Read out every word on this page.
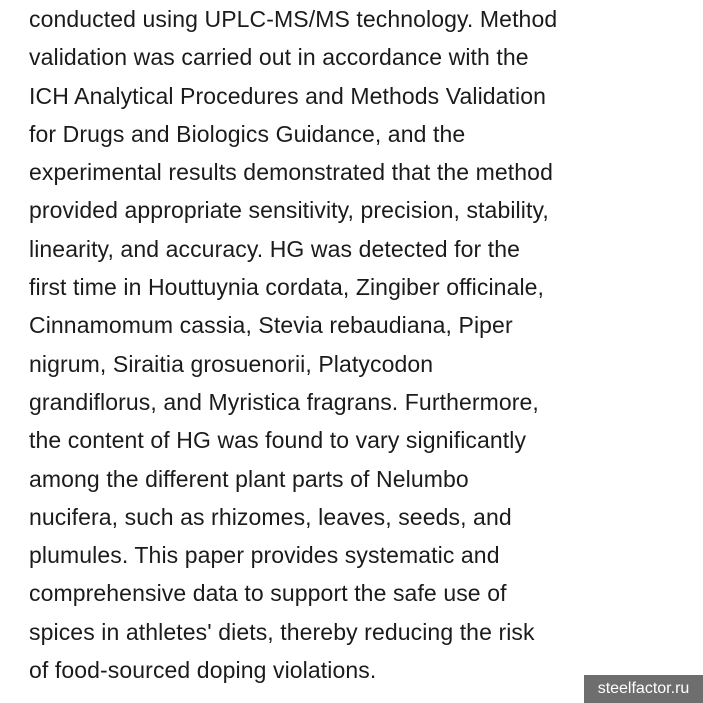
conducted using UPLC-MS/MS technology. Method
validation was carried out in accordance with the
ICH Analytical Procedures and Methods Validation
for Drugs and Biologics Guidance, and the
experimental results demonstrated that the method
provided appropriate sensitivity, precision, stability,
linearity, and accuracy. HG was detected for the
first time in Houttuynia cordata, Zingiber officinale,
Cinnamomum cassia, Stevia rebaudiana, Piper
nigrum, Siraitia grosuenorii, Platycodon
grandiflorus, and Myristica fragrans. Furthermore,
the content of HG was found to vary significantly
among the different plant parts of Nelumbo
nucifera, such as rhizomes, leaves, seeds, and
plumules. This paper provides systematic and
comprehensive data to support the safe use of
spices in athletes' diets, thereby reducing the risk
of food-sourced doping violations.
steelfactor.ru
